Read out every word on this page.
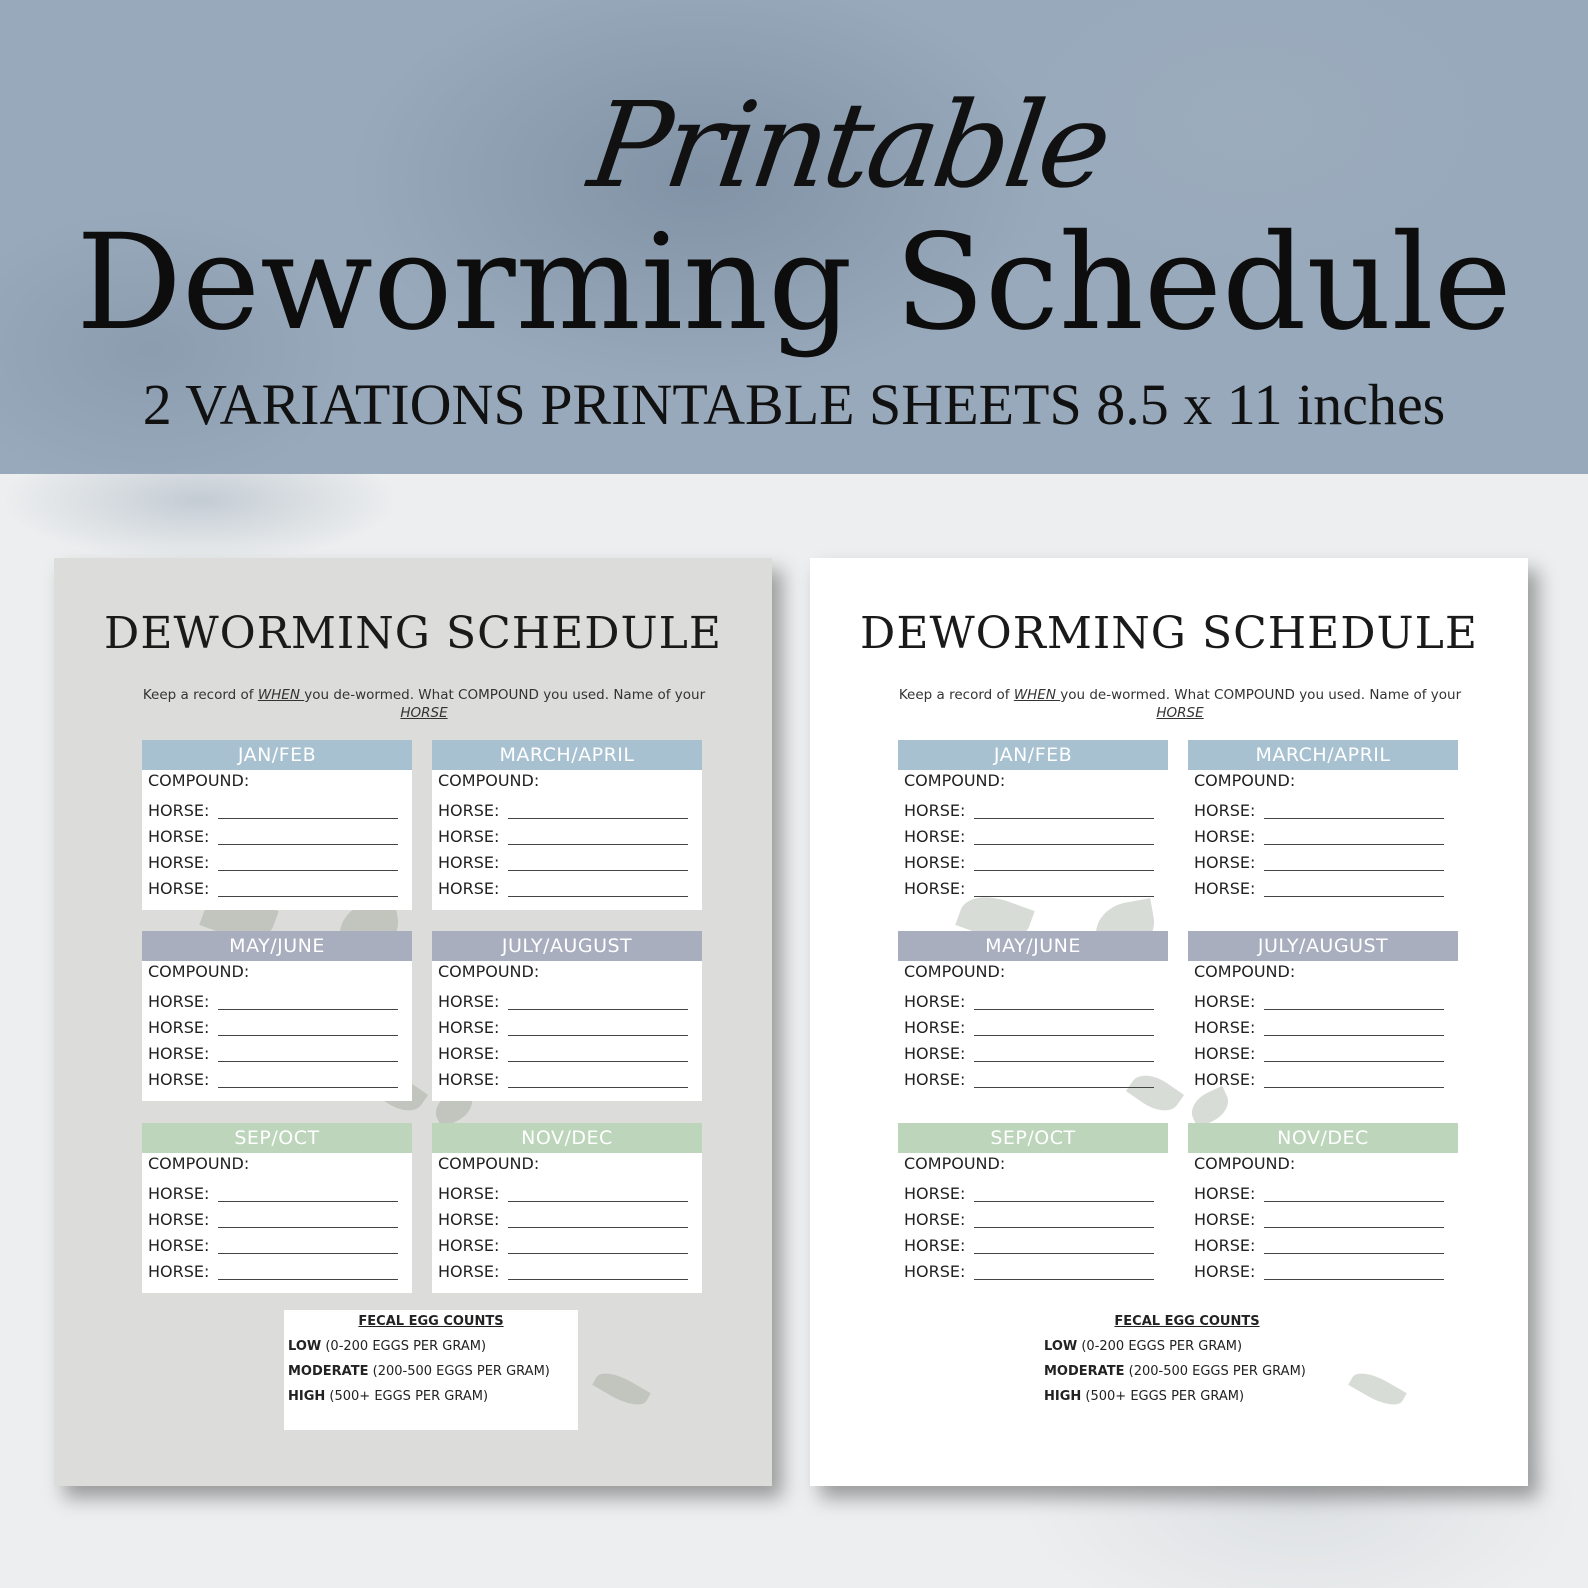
Printable
Deworming Schedule
2 VARIATIONS PRINTABLE SHEETS 8.5 x 11 inches
DEWORMING SCHEDULE
Keep a record of WHEN you de-wormed. What COMPOUND you used. Name of your
HORSE
JAN/FEB
COMPOUND:
HORSE:
HORSE:
HORSE:
HORSE:
MARCH/APRIL
COMPOUND:
HORSE:
HORSE:
HORSE:
HORSE:
MAY/JUNE
COMPOUND:
HORSE:
HORSE:
HORSE:
HORSE:
JULY/AUGUST
COMPOUND:
HORSE:
HORSE:
HORSE:
HORSE:
SEP/OCT
COMPOUND:
HORSE:
HORSE:
HORSE:
HORSE:
NOV/DEC
COMPOUND:
HORSE:
HORSE:
HORSE:
HORSE:
FECAL EGG COUNTS
LOW (0-200 EGGS PER GRAM)
MODERATE (200-500 EGGS PER GRAM)
HIGH (500+ EGGS PER GRAM)
DEWORMING SCHEDULE
Keep a record of WHEN you de-wormed. What COMPOUND you used. Name of your
HORSE
JAN/FEB
COMPOUND:
HORSE:
HORSE:
HORSE:
HORSE:
MARCH/APRIL
COMPOUND:
HORSE:
HORSE:
HORSE:
HORSE:
MAY/JUNE
COMPOUND:
HORSE:
HORSE:
HORSE:
HORSE:
JULY/AUGUST
COMPOUND:
HORSE:
HORSE:
HORSE:
HORSE:
SEP/OCT
COMPOUND:
HORSE:
HORSE:
HORSE:
HORSE:
NOV/DEC
COMPOUND:
HORSE:
HORSE:
HORSE:
HORSE:
FECAL EGG COUNTS
LOW (0-200 EGGS PER GRAM)
MODERATE (200-500 EGGS PER GRAM)
HIGH (500+ EGGS PER GRAM)
